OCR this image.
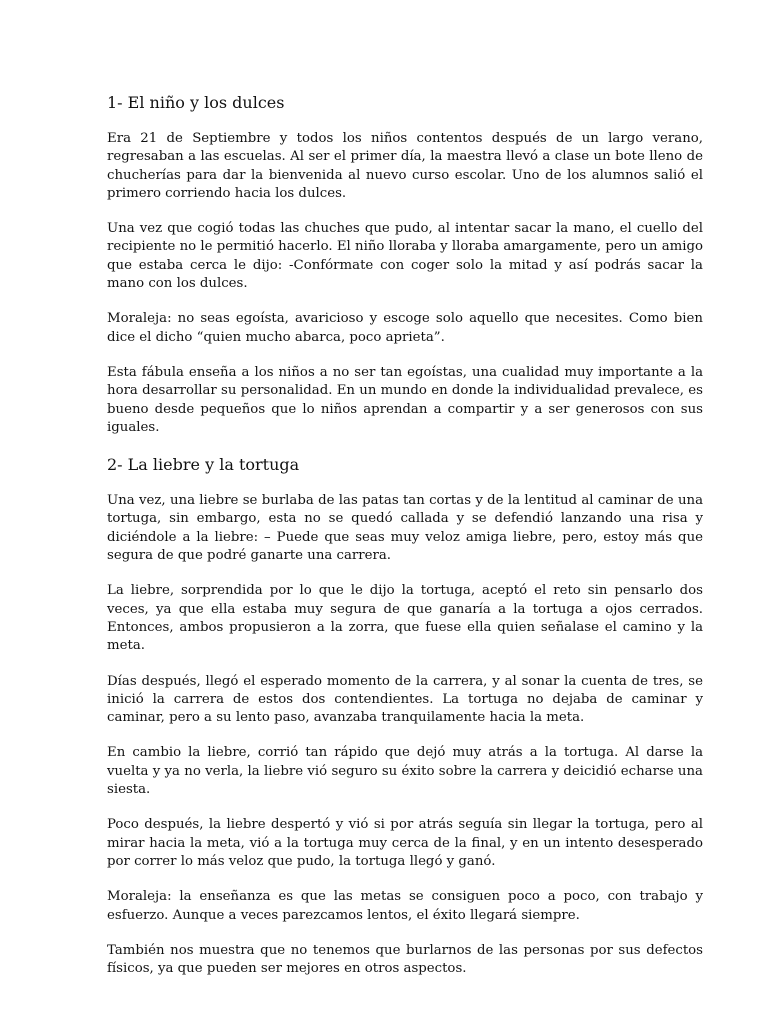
1- El niño y los dulces

Era 21 de Septiembre y todos los niños contentos después de un largo verano, regresaban a las escuelas. Al ser el primer día, la maestra llevó a clase un bote lleno de chucherías para dar la bienvenida al nuevo curso escolar. Uno de los alumnos salió el primero corriendo hacia los dulces.

Una vez que cogió todas las chuches que pudo, al intentar sacar la mano, el cuello del recipiente no le permitió hacerlo. El niño lloraba y lloraba amargamente, pero un amigo que estaba cerca le dijo: -Confórmate con coger solo la mitad y así podrás sacar la mano con los dulces.

Moraleja: no seas egoísta, avaricioso y escoge solo aquello que necesites. Como bien dice el dicho “quien mucho abarca, poco aprieta”.

Esta fábula enseña a los niños a no ser tan egoístas, una cualidad muy importante a la hora desarrollar su personalidad. En un mundo en donde la individualidad prevalece, es bueno desde pequeños que lo niños aprendan a compartir y a ser generosos con sus iguales.

2- La liebre y la tortuga

Una vez, una liebre se burlaba de las patas tan cortas y de la lentitud al caminar de una tortuga, sin embargo, esta no se quedó callada y se defendió lanzando una risa y diciéndole a la liebre: – Puede que seas muy veloz amiga liebre, pero, estoy más que segura de que podré ganarte una carrera.

La liebre, sorprendida por lo que le dijo la tortuga, aceptó el reto sin pensarlo dos veces, ya que ella estaba muy segura de que ganaría a la tortuga a ojos cerrados. Entonces, ambos propusieron a la zorra, que fuese ella quien señalase el camino y la meta.

Días después, llegó el esperado momento de la carrera, y al sonar la cuenta de tres, se inició la carrera de estos dos contendientes. La tortuga no dejaba de caminar y caminar, pero a su lento paso, avanzaba tranquilamente hacia la meta.

En cambio la liebre, corrió tan rápido que dejó muy atrás a la tortuga. Al darse la vuelta y ya no verla, la liebre vió seguro su éxito sobre la carrera y deicidió echarse una siesta.

Poco después, la liebre despertó y vió si por atrás seguía sin llegar la tortuga, pero al mirar hacia la meta, vió a la tortuga muy cerca de la final, y en un intento desesperado por correr lo más veloz que pudo, la tortuga llegó y ganó.

Moraleja: la enseñanza es que las metas se consiguen poco a poco, con trabajo y esfuerzo. Aunque a veces parezcamos lentos, el éxito llegará siempre.

También nos muestra que no tenemos que burlarnos de las personas por sus defectos físicos, ya que pueden ser mejores en otros aspectos.
